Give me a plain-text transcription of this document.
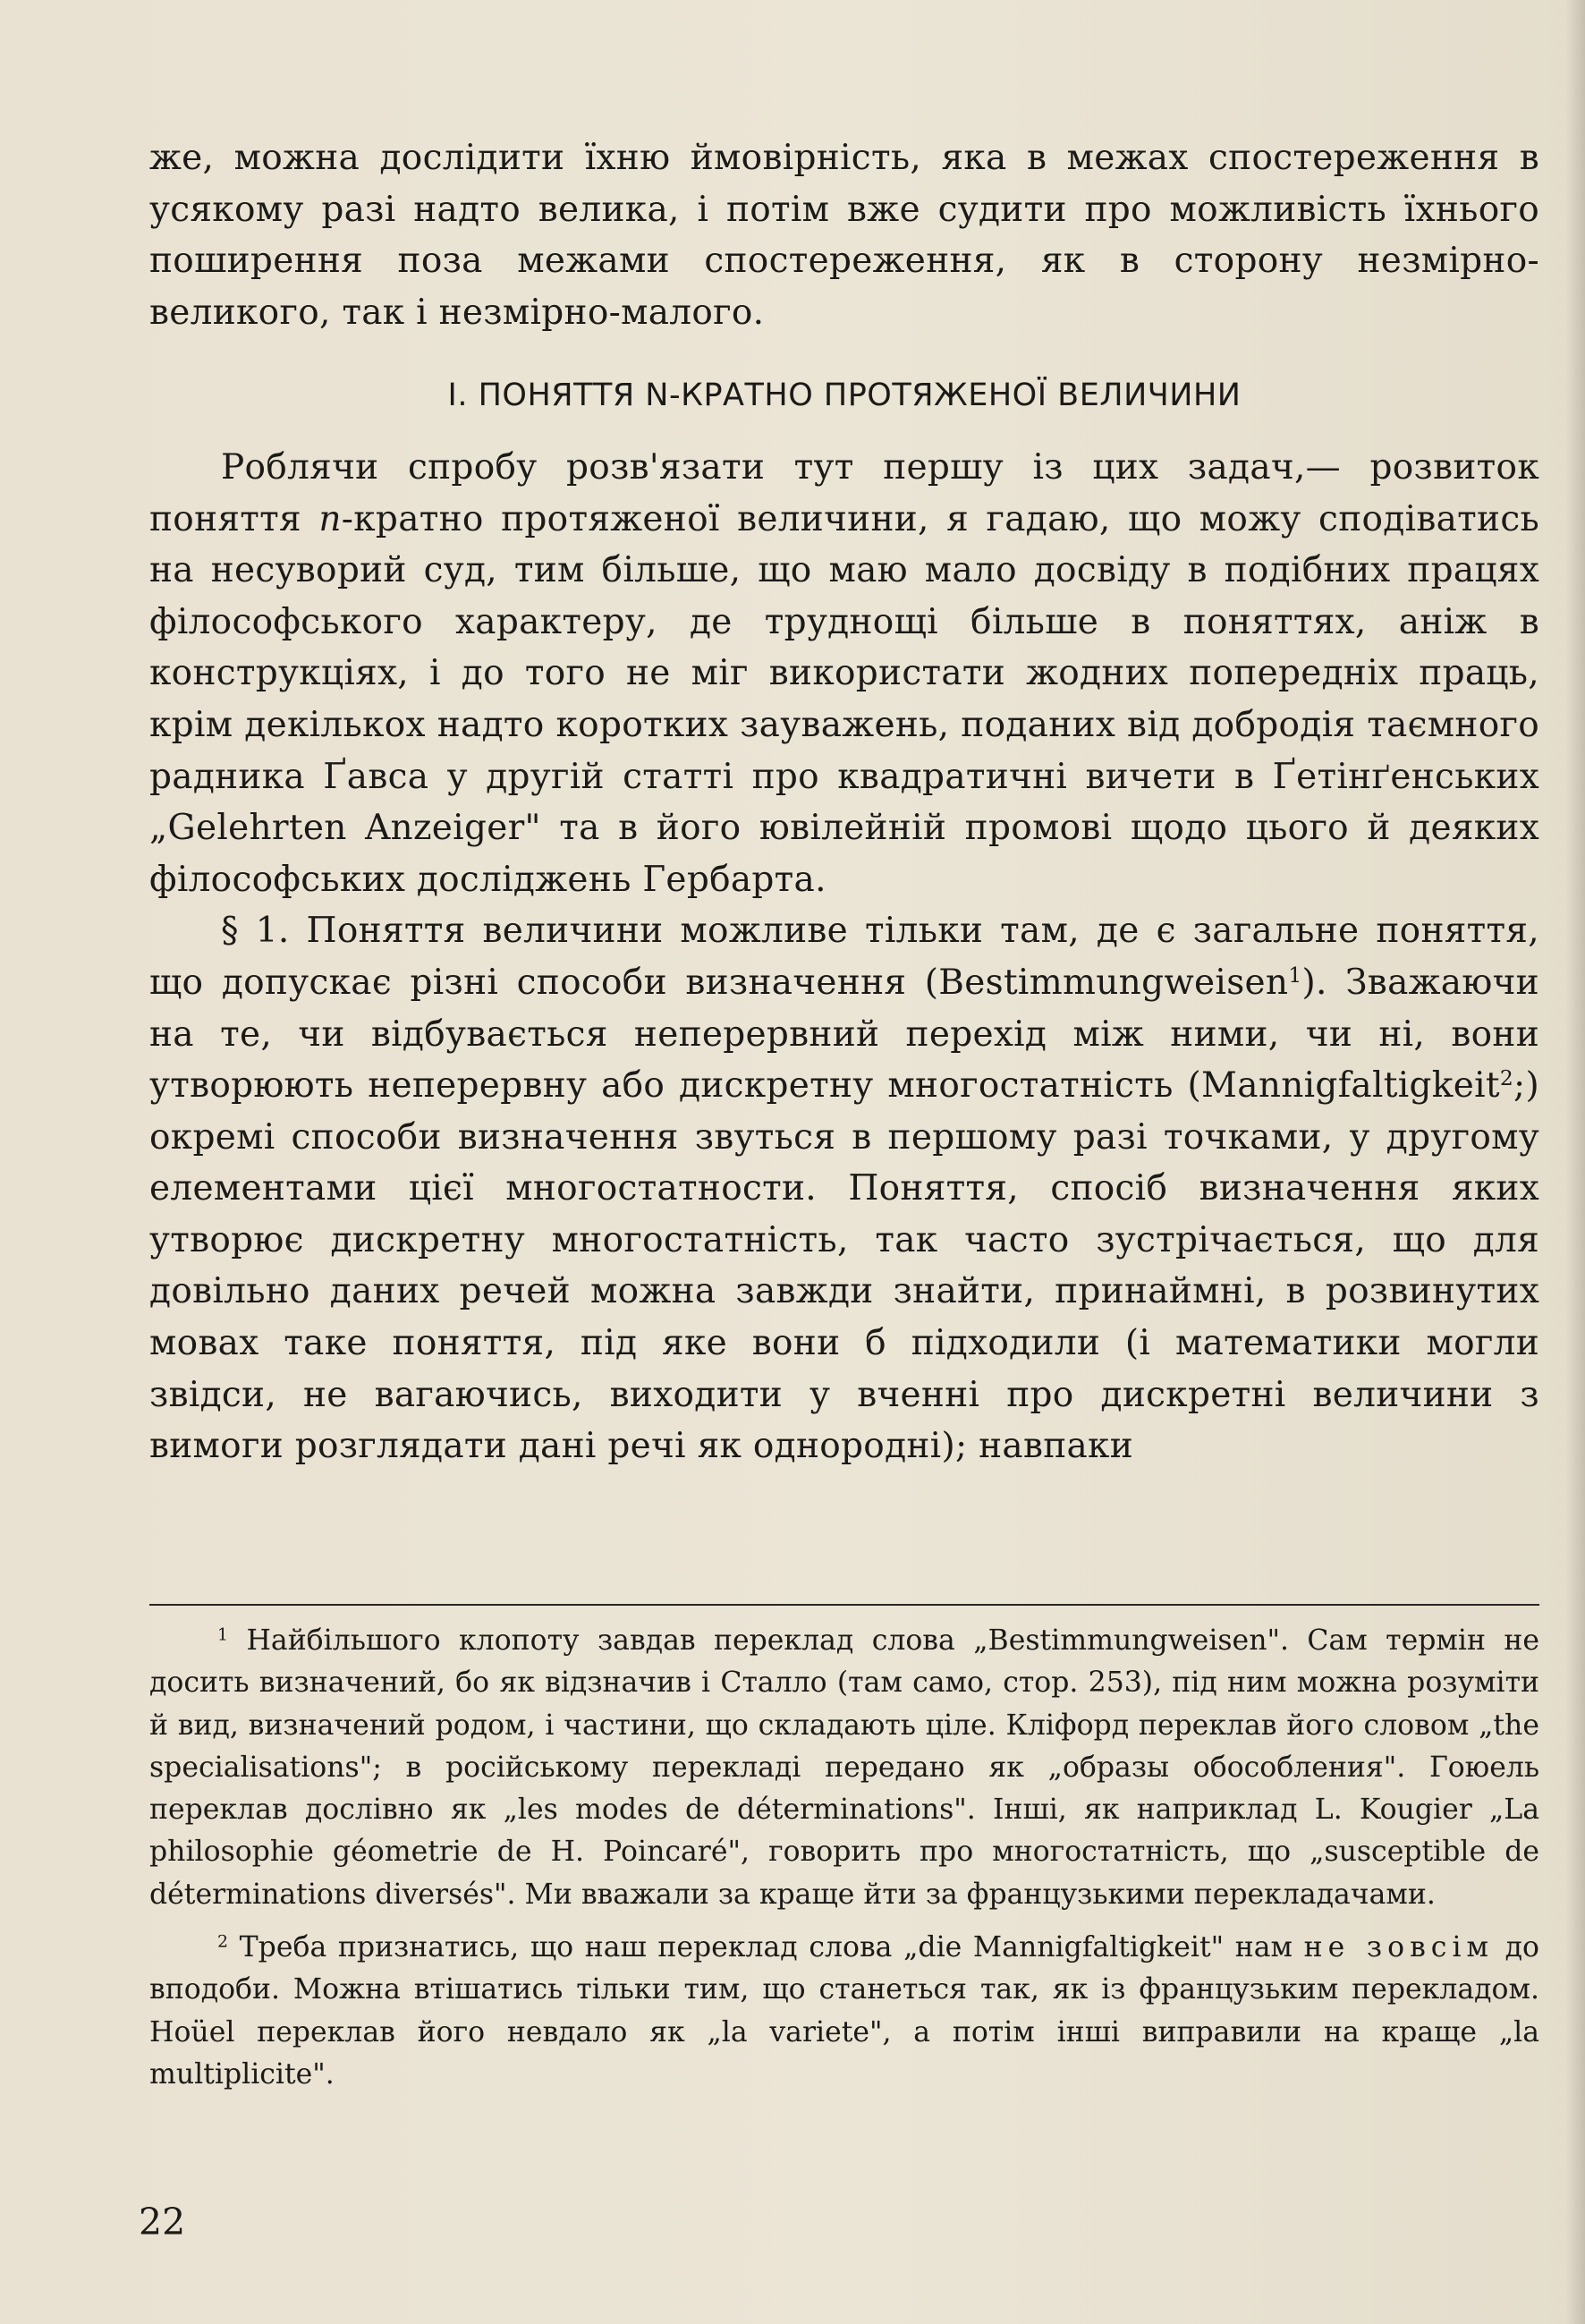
же, можна дослідити їхню ймовірність, яка в межах спостереження в усякому разі надто велика, і потім вже судити про можливість їхнього поширення поза межами спостереження, як в сторону незмірно-великого, так і незмірно-малого.

І. ПОНЯТТЯ N-КРАТНО ПРОТЯЖЕНОЇ ВЕЛИЧИНИ

Роблячи спробу розв'язати тут першу із цих задач,— розвиток поняття n-кратно протяженої величини, я гадаю, що можу сподіватись на несуворий суд, тим більше, що маю мало досвіду в подібних працях філософського характеру, де труднощі більше в поняттях, аніж в конструкціях, і до того не міг використати жодних попередніх праць, крім декількох надто коротких зауважень, поданих від добродія таємного радника Ґавса у другій статті про квадратичні вичети в Ґетінґенських „Gelehrten Anzeiger" та в його ювілейній промові щодо цього й деяких філософських досліджень Гербарта.

§ 1. Поняття величини можливе тільки там, де є загальне поняття, що допускає різні способи визначення (Bestimmungweisen$^1$). Зважаючи на те, чи відбувається неперервний перехід між ними, чи ні, вони утворюють неперервну або дискретну многостатність (Mannigfaltigkeit$^2$;) окремі способи визначення звуться в першому разі точками, у другому елементами цієї многостатности. Поняття, спосіб визначення яких утворює дискретну многостатність, так часто зустрічається, що для довільно даних речей можна завжди знайти, принаймні, в розвинутих мовах таке поняття, під яке вони б підходили (і математики могли звідси, не вагаючись, виходити у вченні про дискретні величини з вимоги розглядати дані речі як однородні); навпаки

$^1$ Найбільшого клопоту завдав переклад слова „Bestimmungweisen". Сам термін не досить визначений, бо як відзначив і Сталло (там само, стор. 253), під ним можна розуміти й вид, визначений родом, і частини, що складають ціле. Кліфорд переклав його словом „the specialisations"; в російському перекладі передано як „образы обособления". Гоюель переклав дослівно як „les modes de déterminations". Інші, як наприклад L. Kougier „La philosophie géometrie de H. Poincaré", говорить про многостатність, що „susceptible de déterminations diversés". Ми вважали за краще йти за французькими перекладачами.

$^2$ Треба признатись, що наш переклад слова „die Mannigfaltigkeit" нам не зовсім до вподоби. Можна втішатись тільки тим, що станеться так, як із французьким перекладом. Hoüel переклав його невдало як „la variete", а потім інші виправили на краще „la multiplicite".

22
